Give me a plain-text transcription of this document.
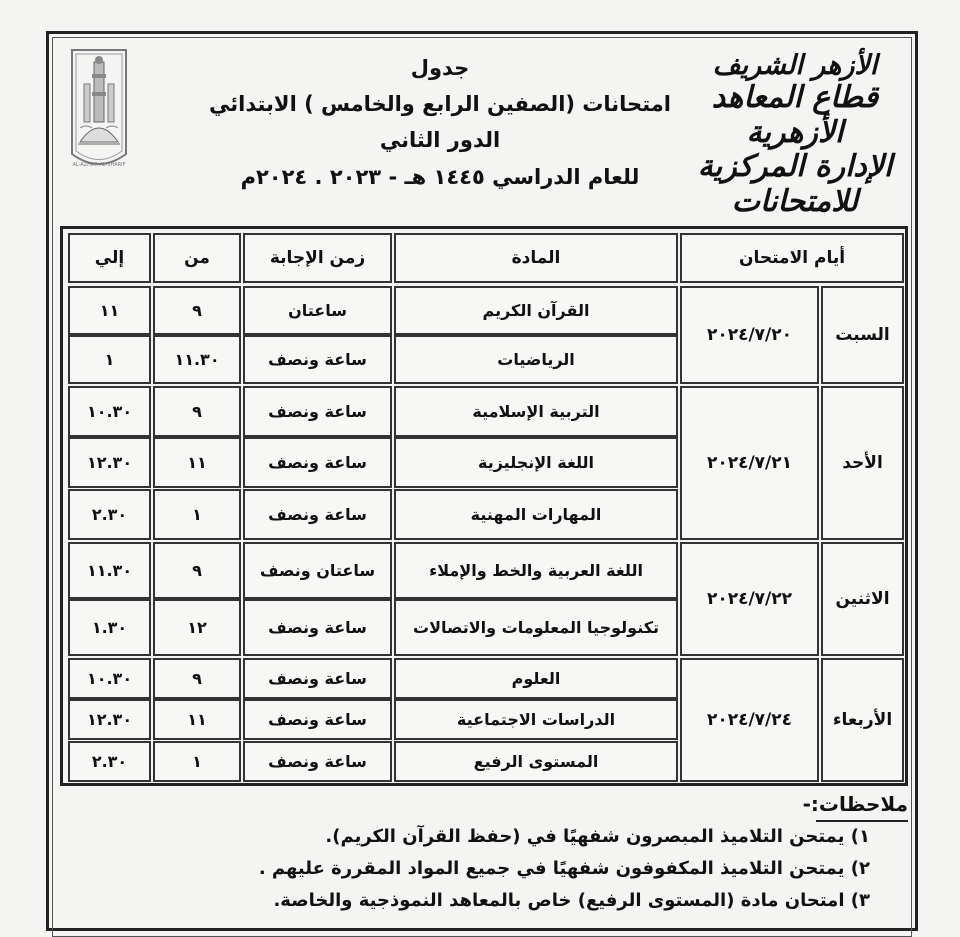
AL-AZHAR AL-SHARIF
الأزهر الشريف
قطاع المعاهد الأزهرية
الإدارة المركزية للامتحانات
جدول
امتحانات (الصفين الرابع والخامس ) الابتدائي
الدور الثاني
للعام الدراسي ١٤٤٥ هـ - ٢٠٢٣ . ٢٠٢٤م
أيام الامتحان
المادة
زمن الإجابة
من
إلي
السبت
٢٠٢٤/٧/٢٠
القرآن الكريم
ساعتان
٩
١١
الرياضيات
ساعة ونصف
١١.٣٠
١
الأحد
٢٠٢٤/٧/٢١
التربية الإسلامية
ساعة ونصف
٩
١٠.٣٠
اللغة الإنجليزية
ساعة ونصف
١١
١٢.٣٠
المهارات المهنية
ساعة ونصف
١
٢.٣٠
الاثنين
٢٠٢٤/٧/٢٢
اللغة العربية والخط والإملاء
ساعتان ونصف
٩
١١.٣٠
تكنولوجيا المعلومات والاتصالات
ساعة ونصف
١٢
١.٣٠
الأربعاء
٢٠٢٤/٧/٢٤
العلوم
ساعة ونصف
٩
١٠.٣٠
الدراسات الاجتماعية
ساعة ونصف
١١
١٢.٣٠
المستوى الرفيع
ساعة ونصف
١
٢.٣٠
ملاحظات:-
١) يمتحن التلاميذ المبصرون شفهيًا في (حفظ القرآن الكريم).
٢) يمتحن التلاميذ المكفوفون شفهيًا في جميع المواد المقررة عليهم .
٣) امتحان مادة (المستوى الرفيع) خاص بالمعاهد النموذجية والخاصة.
